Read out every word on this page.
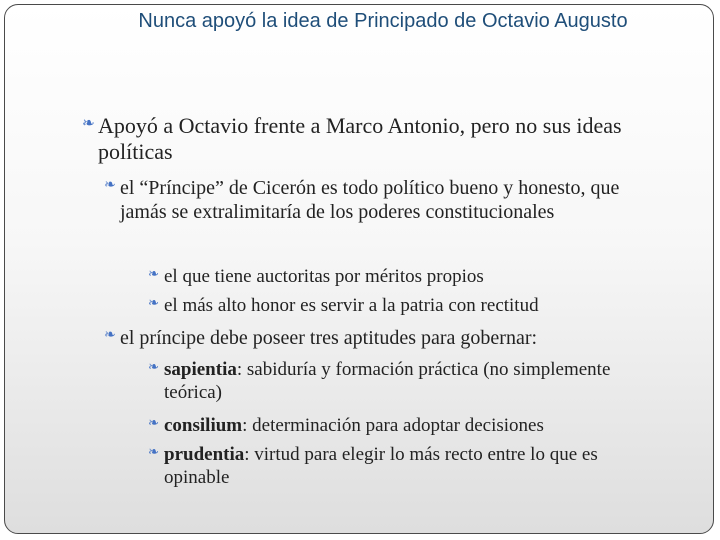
Nunca apoyó la idea de Principado de Octavio Augusto
❧ Apoyó a Octavio frente a Marco Antonio, pero no sus ideas políticas
❧ el “Príncipe” de Cicerón es todo político bueno y honesto, que jamás se extralimitaría de los poderes constitucionales
❧ el que tiene auctoritas por méritos propios
❧ el más alto honor es servir a la patria con rectitud
❧ el príncipe debe poseer tres aptitudes para gobernar:
❧ sapientia: sabiduría y formación práctica (no simplemente teórica)
❧ consilium: determinación para adoptar decisiones
❧ prudentia: virtud para elegir lo más recto entre lo que es opinable
